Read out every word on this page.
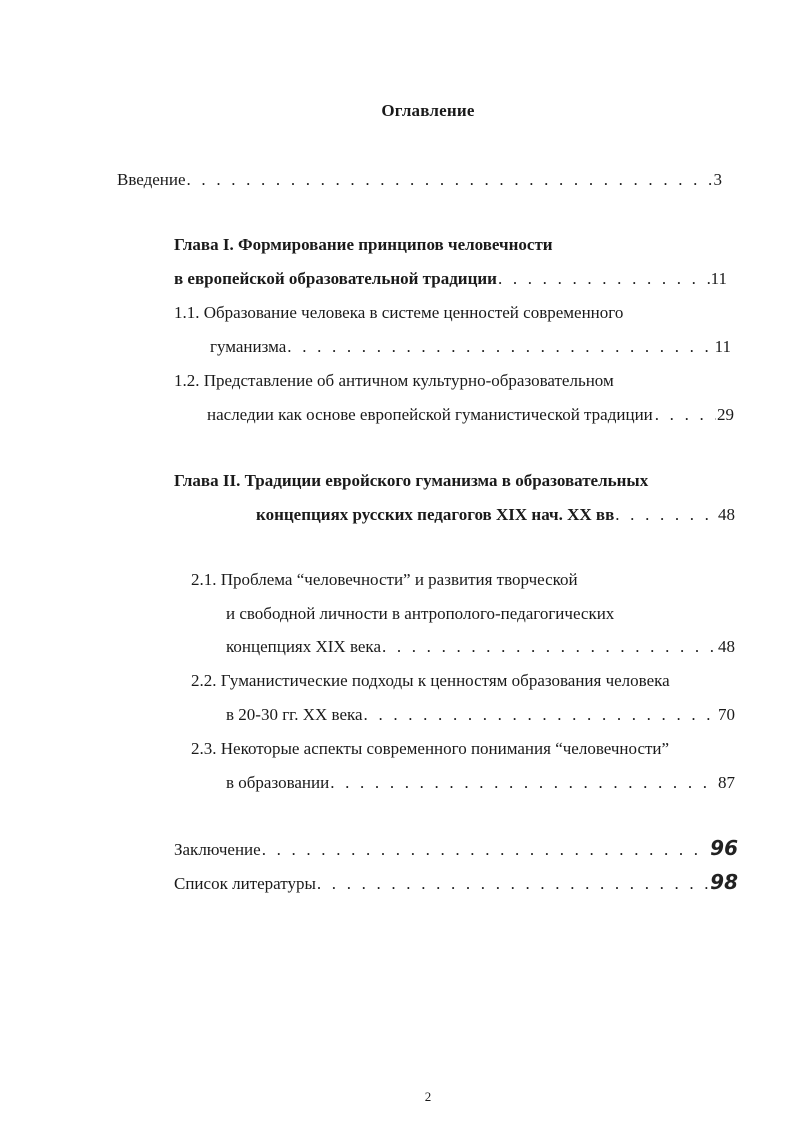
Оглавление
Введение . . .	3
Глава I. Формирование принципов человечности
в европейской образовательной традиции . . .	11
1.1. Образование человека в системе ценностей современного
гуманизма . . .	11
1.2. Представление об античном культурно-образовательном
наследии как основе европейской гуманистической традиции . . .	29
Глава II. Традиции евройского гуманизма в образовательных
концепциях русских педагогов XIX нач. XX вв . . .	48
2.1. Проблема “человечности” и развития творческой
и свободной личности в антрополого-педагогических
концепциях XIX века . . .	48
2.2. Гуманистические подходы к ценностям образования человека
в 20-30 гг. XX века . . .	70
2.3. Некоторые аспекты современного понимания “человечности”
в образовании . . .	87
Заключение . . .	96
Список литературы . . .	98
2
